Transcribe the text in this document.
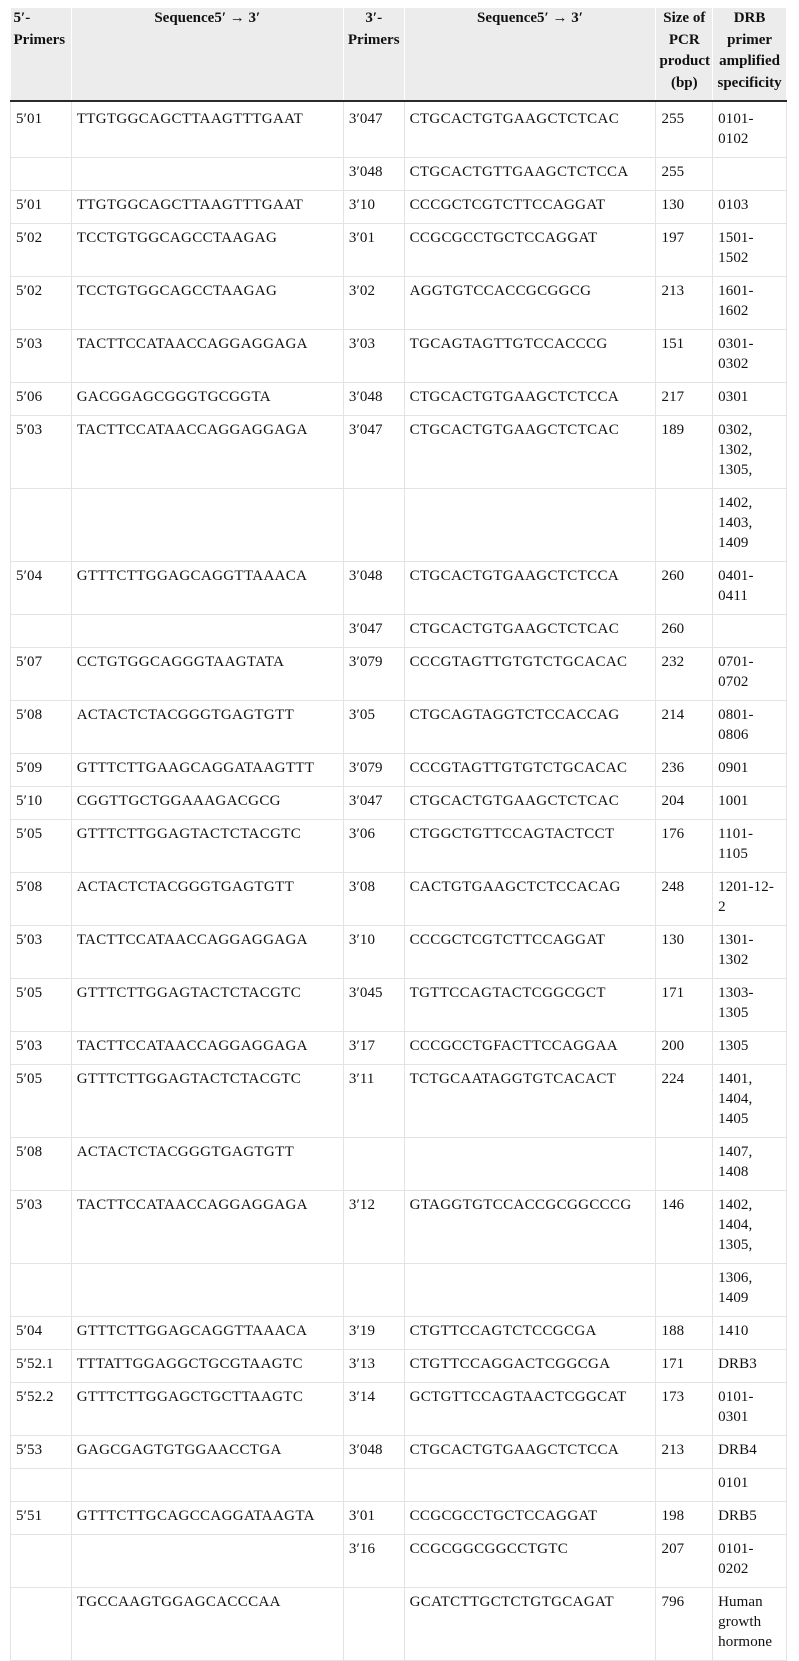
5′-Primers	Sequence5′ → 3′	3′-Primers	Sequence5′ → 3′	Size of PCR product (bp)	DRB primer amplified specificity
5′01	TTGTGGCAGCTTAAGTTTGAAT	3′047	CTGCACTGTGAAGCTCTCAC	255	0101-0102
		3′048	CTGCACTGTTGAAGCTCTCCA	255	
5′01	TTGTGGCAGCTTAAGTTTGAAT	3′10	CCCGCTCGTCTTCCAGGAT	130	0103
5′02	TCCTGTGGCAGCCTAAGAG	3′01	CCGCGCCTGCTCCAGGAT	197	1501-1502
5′02	TCCTGTGGCAGCCTAAGAG	3′02	AGGTGTCCACCGCGGCG	213	1601-1602
5′03	TACTTCCATAACCAGGAGGAGA	3′03	TGCAGTAGTTGTCCACCCG	151	0301-0302
5′06	GACGGAGCGGGTGCGGTA	3′048	CTGCACTGTGAAGCTCTCCA	217	0301
5′03	TACTTCCATAACCAGGAGGAGA	3′047	CTGCACTGTGAAGCTCTCAC	189	0302, 1302, 1305,
					1402, 1403, 1409
5′04	GTTTCTTGGAGCAGGTTAAACA	3′048	CTGCACTGTGAAGCTCTCCA	260	0401-0411
		3′047	CTGCACTGTGAAGCTCTCAC	260	
5′07	CCTGTGGCAGGGTAAGTATA	3′079	CCCGTAGTTGTGTCTGCACAC	232	0701-0702
5′08	ACTACTCTACGGGTGAGTGTT	3′05	CTGCAGTAGGTCTCCACCAG	214	0801-0806
5′09	GTTTCTTGAAGCAGGATAAGTTT	3′079	CCCGTAGTTGTGTCTGCACAC	236	0901
5′10	CGGTTGCTGGAAAGACGCG	3′047	CTGCACTGTGAAGCTCTCAC	204	1001
5′05	GTTTCTTGGAGTACTCTACGTC	3′06	CTGGCTGTTCCAGTACTCCT	176	1101-1105
5′08	ACTACTCTACGGGTGAGTGTT	3′08	CACTGTGAAGCTCTCCACAG	248	1201-12-2
5′03	TACTTCCATAACCAGGAGGAGA	3′10	CCCGCTCGTCTTCCAGGAT	130	1301-1302
5′05	GTTTCTTGGAGTACTCTACGTC	3′045	TGTTCCAGTACTCGGCGCT	171	1303-1305
5′03	TACTTCCATAACCAGGAGGAGA	3′17	CCCGCCTGFACTTCCAGGAA	200	1305
5′05	GTTTCTTGGAGTACTCTACGTC	3′11	TCTGCAATAGGTGTCACACT	224	1401, 1404, 1405
5′08	ACTACTCTACGGGTGAGTGTT				1407, 1408
5′03	TACTTCCATAACCAGGAGGAGA	3′12	GTAGGTGTCCACCGCGGCCCG	146	1402, 1404, 1305,
					1306, 1409
5′04	GTTTCTTGGAGCAGGTTAAACA	3′19	CTGTTCCAGTCTCCGCGA	188	1410
5′52.1	TTTATTGGAGGCTGCGTAAGTC	3′13	CTGTTCCAGGACTCGGCGA	171	DRB3
5′52.2	GTTTCTTGGAGCTGCTTAAGTC	3′14	GCTGTTCCAGTAACTCGGCAT	173	0101-0301
5′53	GAGCGAGTGTGGAACCTGA	3′048	CTGCACTGTGAAGCTCTCCA	213	DRB4
					0101
5′51	GTTTCTTGCAGCCAGGATAAGTA	3′01	CCGCGCCTGCTCCAGGAT	198	DRB5
		3′16	CCGCGGCGGCCTGTC	207	0101-0202
	TGCCAAGTGGAGCACCCAA		GCATCTTGCTCTGTGCAGAT	796	Human growth hormone
